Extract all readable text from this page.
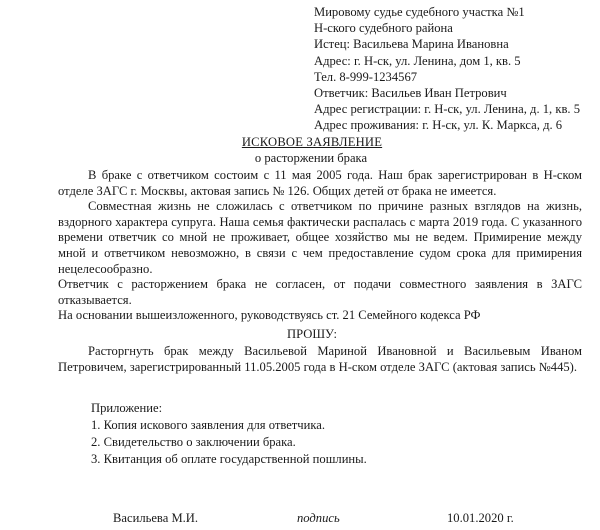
Мировому судье судебного участка №1
Н-ского судебного района
Истец: Васильева Марина Ивановна
Адрес: г. Н-ск, ул. Ленина, дом 1, кв. 5
Тел. 8-999-1234567
Ответчик: Васильев Иван Петрович
Адрес регистрации: г. Н-ск, ул. Ленина, д. 1, кв. 5
Адрес проживания: г. Н-ск, ул. К. Маркса, д. 6
ИСКОВОЕ ЗАЯВЛЕНИЕ
о расторжении брака

В браке с ответчиком состоим с 11 мая 2005 года. Наш брак зарегистрирован в Н-ском отделе ЗАГС г. Москвы, актовая запись № 126. Общих детей от брака не имеется.

Совместная жизнь не сложилась с ответчиком по причине разных взглядов на жизнь, вздорного характера супруга. Наша семья фактически распалась с марта 2019 года. С указанного времени ответчик со мной не проживает, общее хозяйство мы не ведем. Примирение между мной и ответчиком невозможно, в связи с чем предоставление судом срока для примирения нецелесообразно.

Ответчик с расторжением брака не согласен, от подачи совместного заявления в ЗАГС отказывается.

На основании вышеизложенного, руководствуясь ст. 21 Семейного кодекса РФ

ПРОШУ:

Расторгнуть брак между Васильевой Мариной Ивановной и Васильевым Иваном Петровичем, зарегистрированный 11.05.2005 года в Н-ском отделе ЗАГС (актовая запись №445).

Приложение:
1. Копия искового заявления для ответчика.
2. Свидетельство о заключении брака.
3. Квитанция об оплате государственной пошлины.
Васильева М.И.	подпись	10.01.2020 г.
